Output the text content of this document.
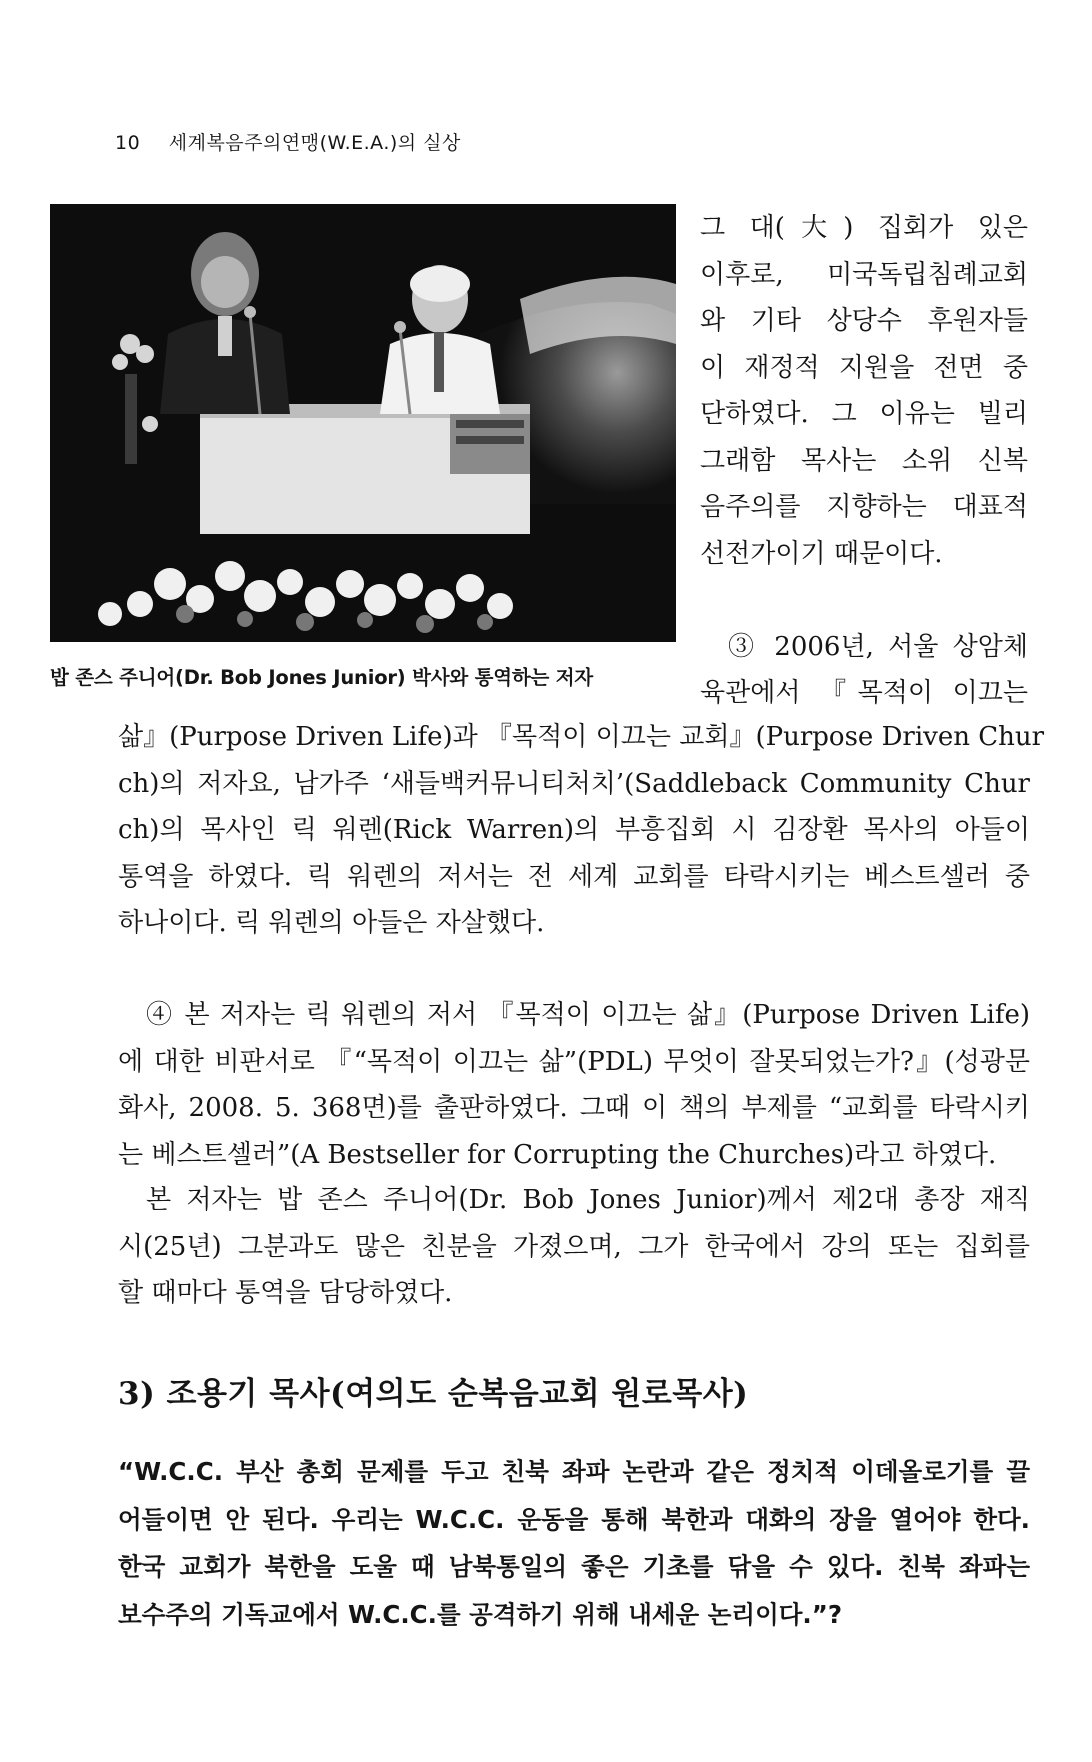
10 세계복음주의연맹(W.E.A.)의 실상
밥 존스 주니어(Dr. Bob Jones Junior) 박사와 통역하는 저자
그 대(大) 집회가 있은
이후로, 미국독립침례교회
와 기타 상당수 후원자들
이 재정적 지원을 전면 중
단하였다. 그 이유는 빌리
그래함 목사는 소위 신복
음주의를 지향하는 대표적
선전가이기 때문이다.
③ 2006년, 서울 상암체
육관에서 『목적이 이끄는
삶』(Purpose Driven Life)과 『목적이 이끄는 교회』(Purpose Driven Chur
ch)의 저자요, 남가주 ‘새들백커뮤니티처치’(Saddleback Community Chur
ch)의 목사인 릭 워렌(Rick Warren)의 부흥집회 시 김장환 목사의 아들이
통역을 하였다. 릭 워렌의 저서는 전 세계 교회를 타락시키는 베스트셀러 중
하나이다. 릭 워렌의 아들은 자살했다.
④ 본 저자는 릭 워렌의 저서 『목적이 이끄는 삶』(Purpose Driven Life)
에 대한 비판서로 『“목적이 이끄는 삶”(PDL) 무엇이 잘못되었는가?』(성광문
화사, 2008. 5. 368면)를 출판하였다. 그때 이 책의 부제를 “교회를 타락시키
는 베스트셀러”(A Bestseller for Corrupting the Churches)라고 하였다.
본 저자는 밥 존스 주니어(Dr. Bob Jones Junior)께서 제2대 총장 재직
시(25년) 그분과도 많은 친분을 가졌으며, 그가 한국에서 강의 또는 집회를
할 때마다 통역을 담당하였다.
3) 조용기 목사(여의도 순복음교회 원로목사)
“W.C.C. 부산 총회 문제를 두고 친북 좌파 논란과 같은 정치적 이데올로기를 끌
어들이면 안 된다. 우리는 W.C.C. 운동을 통해 북한과 대화의 장을 열어야 한다.
한국 교회가 북한을 도울 때 남북통일의 좋은 기초를 닦을 수 있다. 친북 좌파는
보수주의 기독교에서 W.C.C.를 공격하기 위해 내세운 논리이다.”?
